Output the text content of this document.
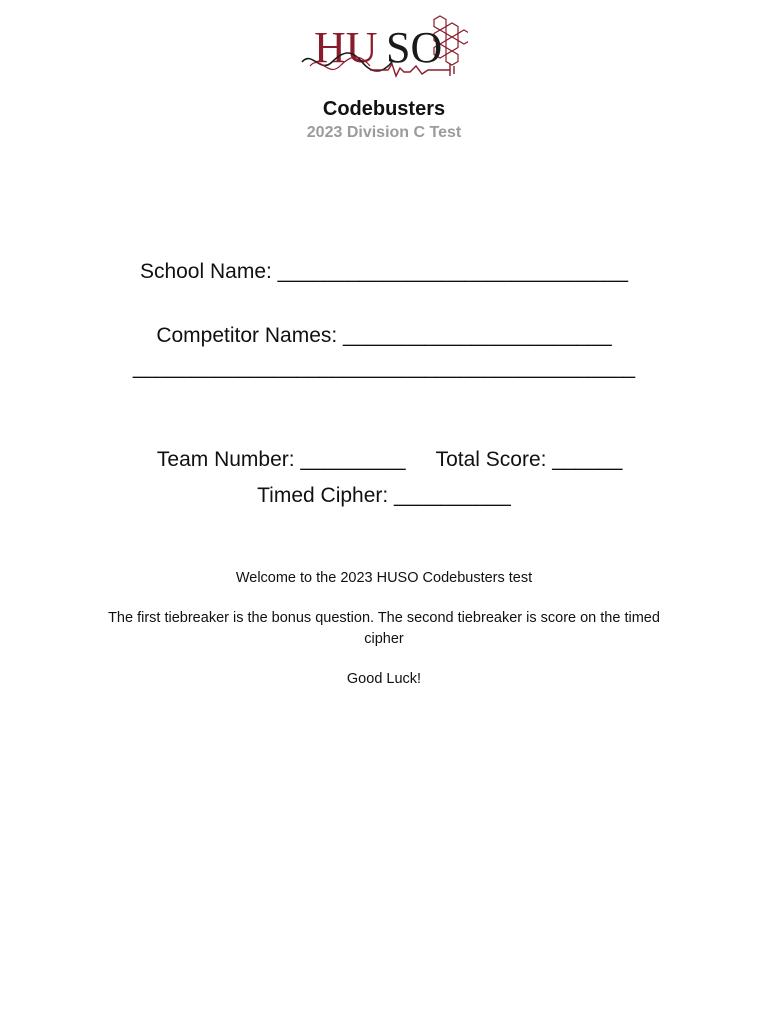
HU SO
Codebusters
2023 Division C Test
School Name: ______________________________
Competitor Names: _______________________
___________________________________________

Team Number: _________ Total Score: ______

Timed Cipher: __________
Welcome to the 2023 HUSO Codebusters test
The first tiebreaker is the bonus question. The second tiebreaker is score on the timed cipher
Good Luck!
